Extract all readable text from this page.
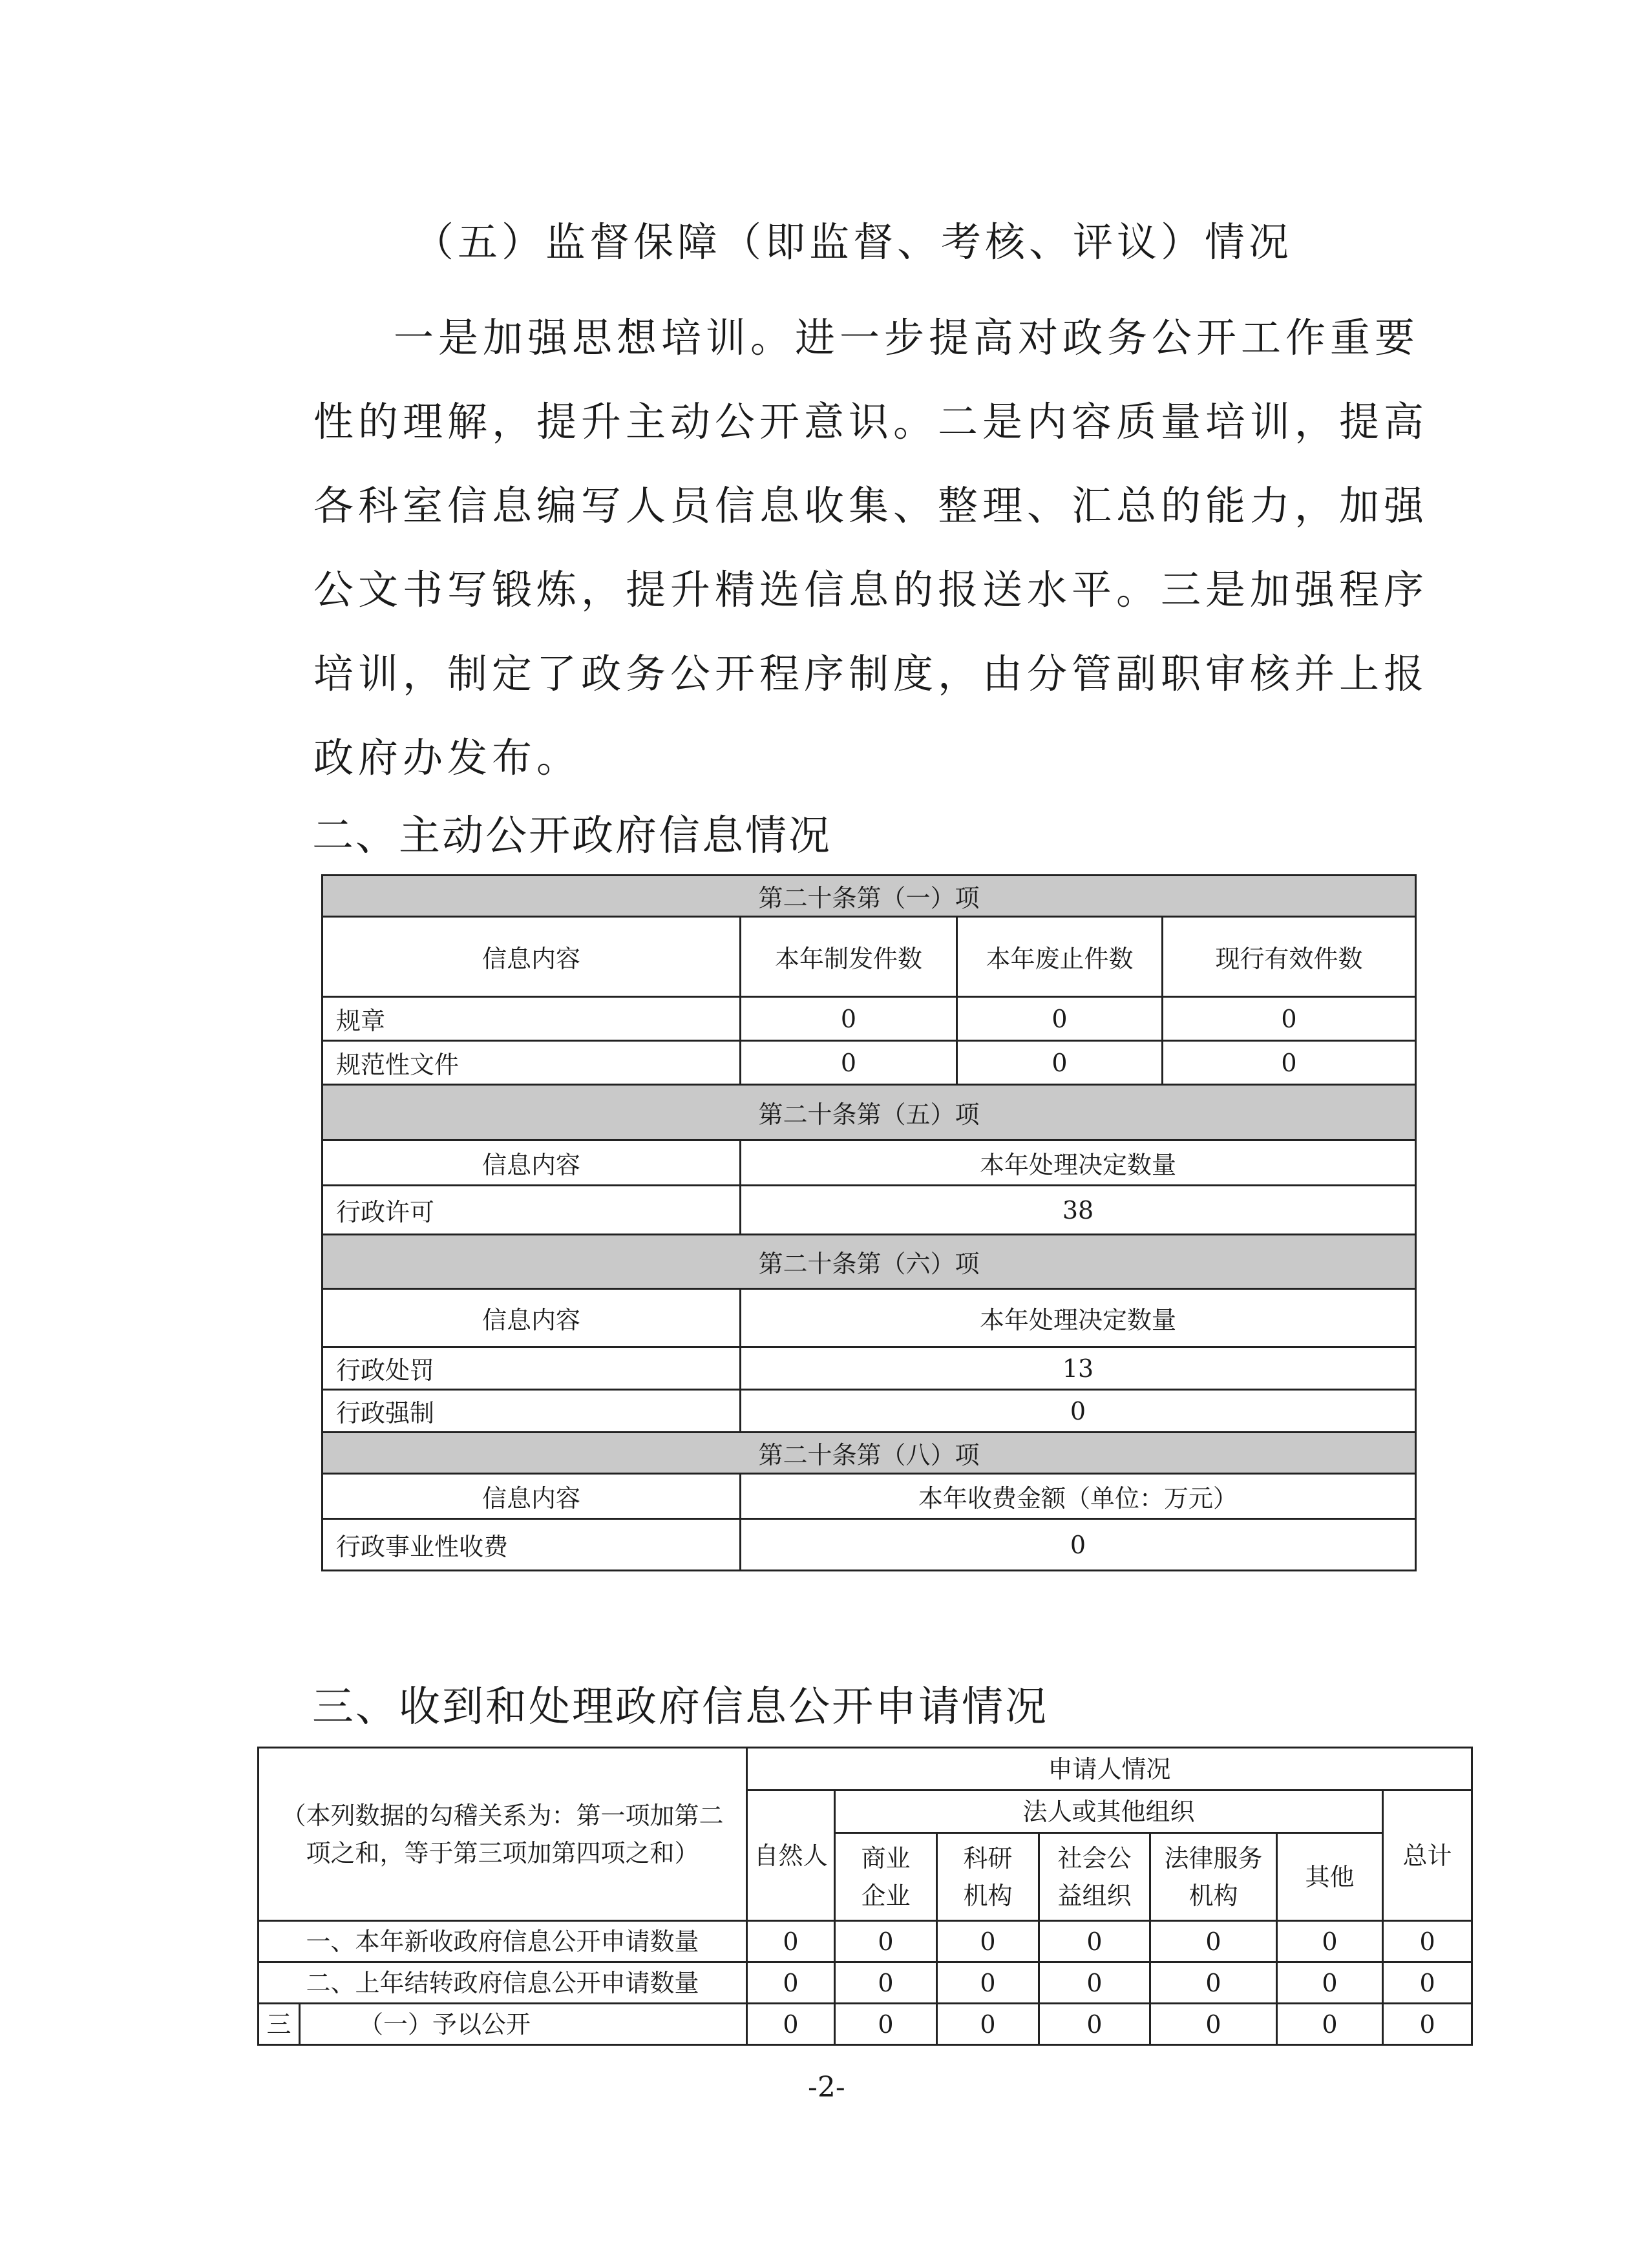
（五）监督保障（即监督、考核、评议）情况

一是加强思想培训。进一步提高对政务公开工作重要性的理解，提升主动公开意识。二是内容质量培训，提高各科室信息编写人员信息收集、整理、汇总的能力，加强公文书写锻炼，提升精选信息的报送水平。三是加强程序培训，制定了政务公开程序制度，由分管副职审核并上报政府办发布。

二、主动公开政府信息情况
第二十条第（一）项			
信息内容	本年制发件数	本年废止件数	现行有效件数
规章	0	0	0
规范性文件	0	0	0
第二十条第（五）项			
信息内容	本年处理决定数量		
行政许可	38		
第二十条第（六）项			
信息内容	本年处理决定数量		
行政处罚	13		
行政强制	0		
第二十条第（八）项			
信息内容	本年收费金额（单位：万元）		
行政事业性收费	0		
三、收到和处理政府信息公开申请情况
（本列数据的勾稽关系为：第一项加第二项之和，等于第三项加第四项之和）		申请人情况						
		自然人	法人或其他组织					总计
			商业企业	科研机构	社会公益组织	法律服务机构	其他	
一、本年新收政府信息公开申请数量		0	0	0	0	0	0	0
二、上年结转政府信息公开申请数量		0	0	0	0	0	0	0
三	（一）予以公开	0	0	0	0	0	0	0

-2-
